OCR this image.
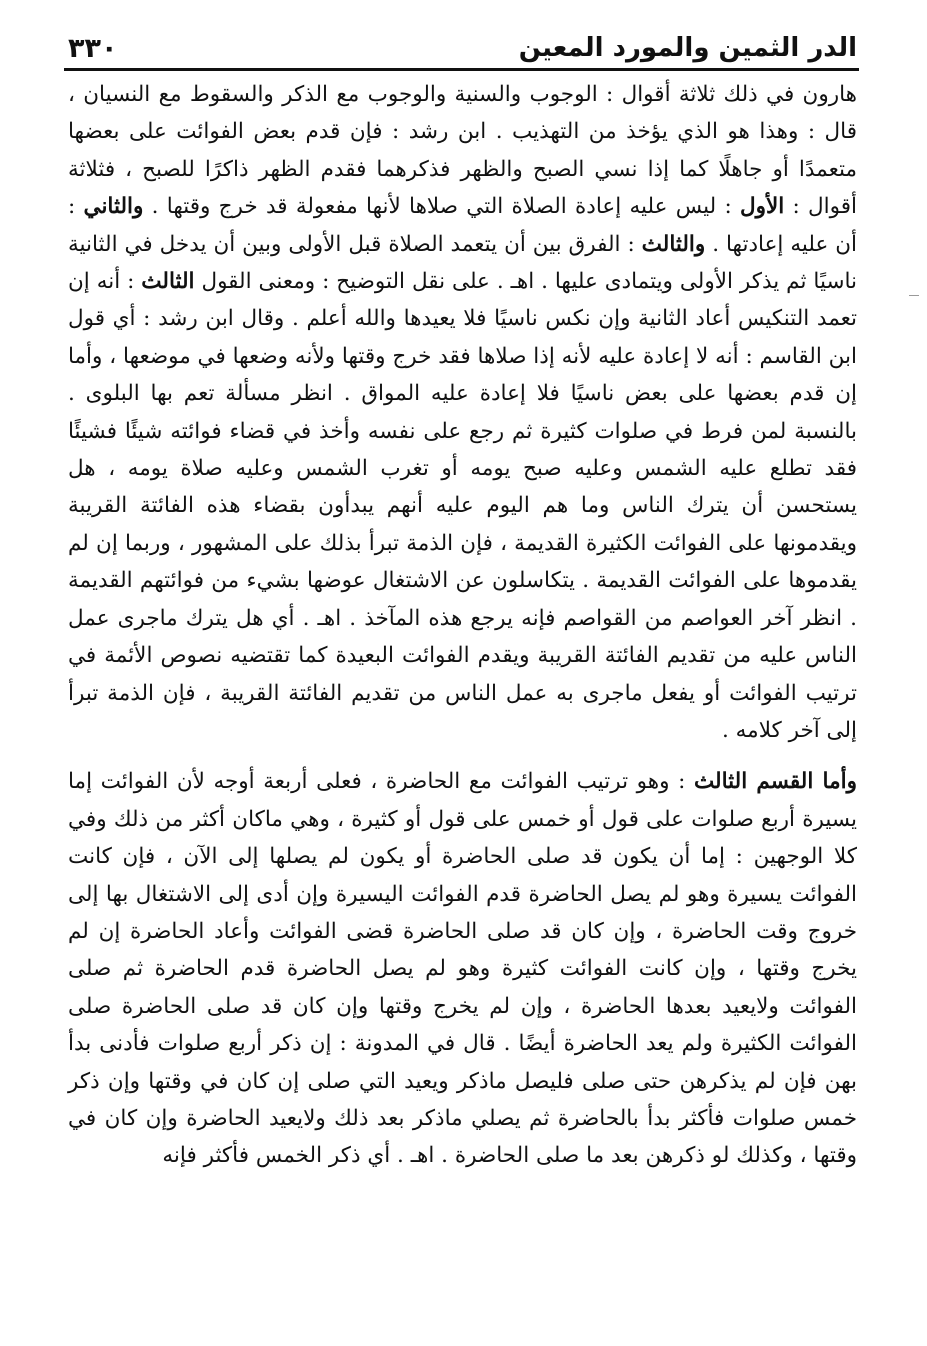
الدر الثمين والمورد المعين
٣٣٠

هارون في ذلك ثلاثة أقوال : الوجوب والسنية والوجوب مع الذكر والسقوط مع النسيان ، قال : وهذا هو الذي يؤخذ من التهذيب . ابن رشد : فإن قدم بعض الفوائت على بعضها متعمدًا أو جاهلًا كما إذا نسي الصبح والظهر فذكرهما فقدم الظهر ذاكرًا للصبح ، فثلاثة أقوال : الأول : ليس عليه إعادة الصلاة التي صلاها لأنها مفعولة قد خرج وقتها . والثاني : أن عليه إعادتها . والثالث : الفرق بين أن يتعمد الصلاة قبل الأولى وبين أن يدخل في الثانية ناسيًا ثم يذكر الأولى ويتمادى عليها . اهـ . على نقل التوضيح : ومعنى القول الثالث : أنه إن تعمد التنكيس أعاد الثانية وإن نكس ناسيًا فلا يعيدها والله أعلم . وقال ابن رشد : أي قول ابن القاسم : أنه لا إعادة عليه لأنه إذا صلاها فقد خرج وقتها ولأنه وضعها في موضعها ، وأما إن قدم بعضها على بعض ناسيًا فلا إعادة عليه المواق . انظر مسألة تعم بها البلوى . بالنسبة لمن فرط في صلوات كثيرة ثم رجع على نفسه وأخذ في قضاء فوائته شيئًا فشيئًا فقد تطلع عليه الشمس وعليه صبح يومه أو تغرب الشمس وعليه صلاة يومه ، هل يستحسن أن يترك الناس وما هم اليوم عليه أنهم يبدأون بقضاء هذه الفائتة القريبة ويقدمونها على الفوائت الكثيرة القديمة ، فإن الذمة تبرأ بذلك على المشهور ، وربما إن لم يقدموها على الفوائت القديمة . يتكاسلون عن الاشتغال عوضها بشيء من فوائتهم القديمة . انظر آخر العواصم من القواصم فإنه يرجع هذه المآخذ . اهـ . أي هل يترك ماجرى عمل الناس عليه من تقديم الفائتة القريبة ويقدم الفوائت البعيدة كما تقتضيه نصوص الأئمة في ترتيب الفوائت أو يفعل ماجرى به عمل الناس من تقديم الفائتة القريبة ، فإن الذمة تبرأ إلى آخر كلامه .

وأما القسم الثالث : وهو ترتيب الفوائت مع الحاضرة ، فعلى أربعة أوجه لأن الفوائت إما يسيرة أربع صلوات على قول أو خمس على قول أو كثيرة ، وهي ماكان أكثر من ذلك وفي كلا الوجهين : إما أن يكون قد صلى الحاضرة أو يكون لم يصلها إلى الآن ، فإن كانت الفوائت يسيرة وهو لم يصل الحاضرة قدم الفوائت اليسيرة وإن أدى إلى الاشتغال بها إلى خروج وقت الحاضرة ، وإن كان قد صلى الحاضرة قضى الفوائت وأعاد الحاضرة إن لم يخرج وقتها ، وإن كانت الفوائت كثيرة وهو لم يصل الحاضرة قدم الحاضرة ثم صلى الفوائت ولايعيد بعدها الحاضرة ، وإن لم يخرج وقتها وإن كان قد صلى الحاضرة صلى الفوائت الكثيرة ولم يعد الحاضرة أيضًا . قال في المدونة : إن ذكر أربع صلوات فأدنى بدأ بهن فإن لم يذكرهن حتى صلى فليصل ماذكر ويعيد التي صلى إن كان في وقتها وإن ذكر خمس صلوات فأكثر بدأ بالحاضرة ثم يصلي ماذكر بعد ذلك ولايعيد الحاضرة وإن كان في وقتها ، وكذلك لو ذكرهن بعد ما صلى الحاضرة . اهـ . أي ذكر الخمس فأكثر فإنه
